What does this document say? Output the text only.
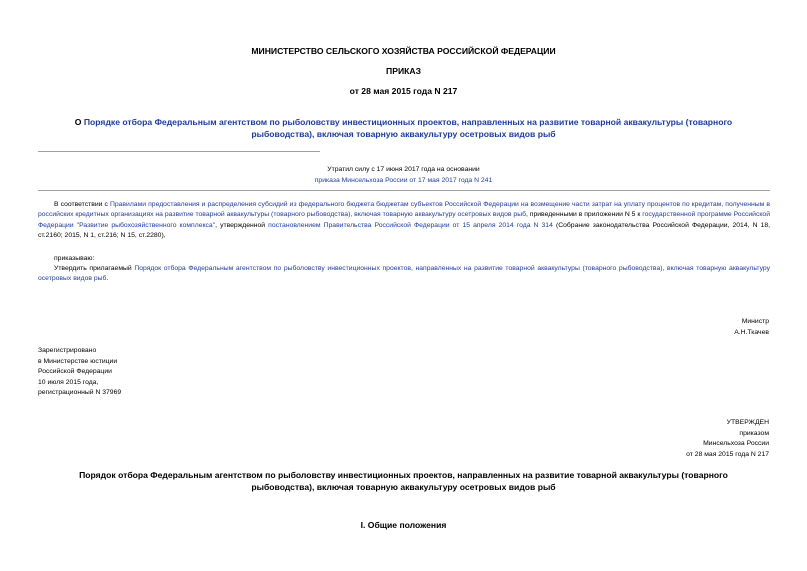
МИНИСТЕРСТВО СЕЛЬСКОГО ХОЗЯЙСТВА РОССИЙСКОЙ ФЕДЕРАЦИИ
ПРИКАЗ
от 28 мая 2015 года N 217
О Порядке отбора Федеральным агентством по рыболовству инвестиционных проектов, направленных на развитие товарной аквакультуры (товарного рыбоводства), включая товарную аквакультуру осетровых видов рыб
Утратил силу с 17 июня 2017 года на основании
приказа Минсельхоза России от 17 мая 2017 года N 241
В соответствии с Правилами предоставления и распределения субсидий из федерального бюджета бюджетам субъектов Российской Федерации на возмещение части затрат на уплату процентов по кредитам, полученным в российских кредитных организациях на развитие товарной аквакультуры (товарного рыбоводства), включая товарную аквакультуру осетровых видов рыб, приведенными в приложении N 5 к государственной программе Российской Федерации "Развитие рыбохозяйственного комплекса", утвержденной постановлением Правительства Российской Федерации от 15 апреля 2014 года N 314 (Собрание законодательства Российской Федерации, 2014, N 18, ст.2160; 2015, N 1, ст.216; N 15, ст.2280),
приказываю:
Утвердить прилагаемый Порядок отбора Федеральным агентством по рыболовству инвестиционных проектов, направленных на развитие товарной аквакультуры (товарного рыбоводства), включая товарную аквакультуру осетровых видов рыб.
Министр
А.Н.Ткачев
Зарегистрировано
в Министерстве юстиции
Российской Федерации
10 июля 2015 года,
регистрационный N 37969
УТВЕРЖДЕН
приказом
Минсельхоза России
от 28 мая 2015 года N 217
Порядок отбора Федеральным агентством по рыболовству инвестиционных проектов, направленных на развитие товарной аквакультуры (товарного рыбоводства), включая товарную аквакультуру осетровых видов рыб
I. Общие положения
